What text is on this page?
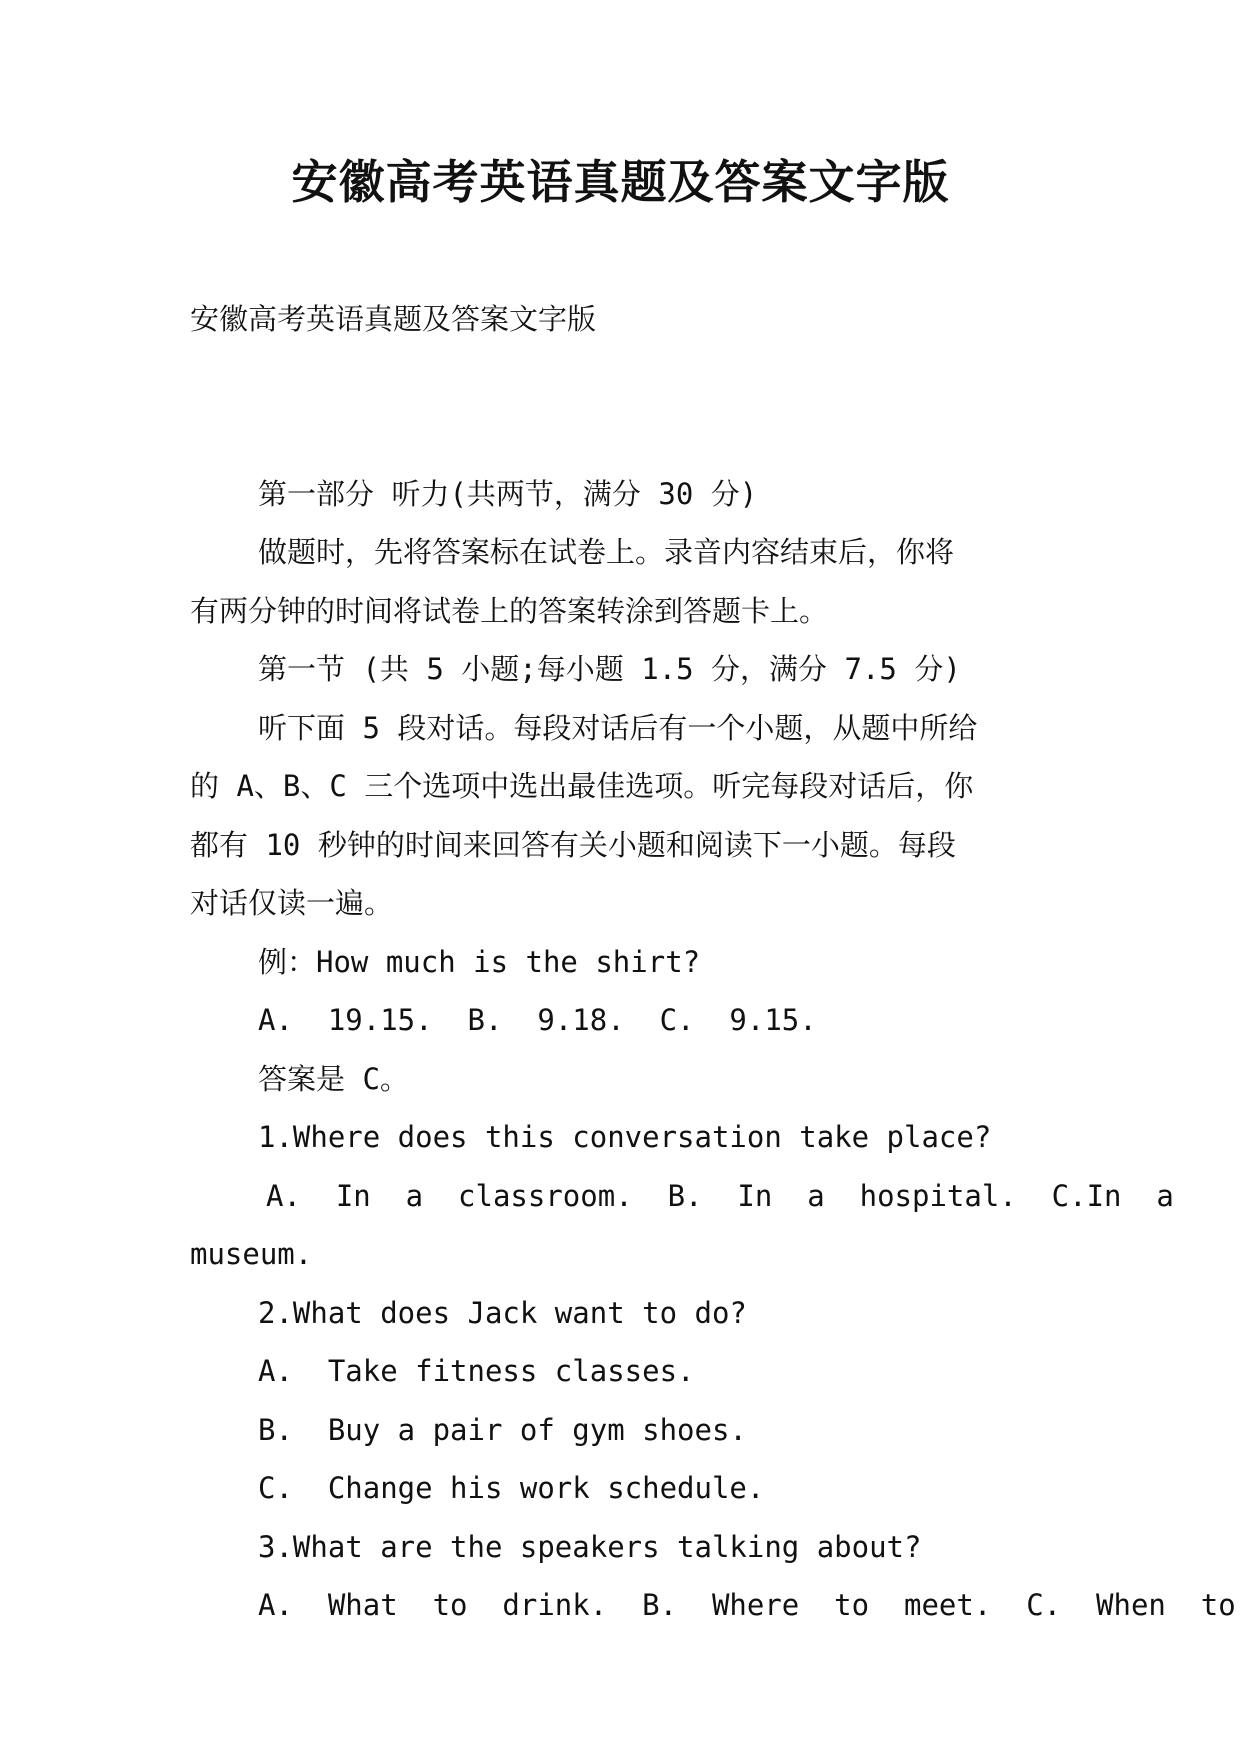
安徽高考英语真题及答案文字版
安徽高考英语真题及答案文字版
第一部分 听力(共两节，满分 30 分)
做题时，先将答案标在试卷上。录音内容结束后，你将
有两分钟的时间将试卷上的答案转涂到答题卡上。
第一节 (共 5 小题;每小题 1.5 分，满分 7.5 分)
听下面 5 段对话。每段对话后有一个小题，从题中所给
的 A、B、C 三个选项中选出最佳选项。听完每段对话后，你
都有 10 秒钟的时间来回答有关小题和阅读下一小题。每段
对话仅读一遍。
例：How much is the shirt?
A.  19.15.  B.  9.18.  C.  9.15.
答案是 C。
1.Where does this conversation take place?
A.  In  a  classroom.  B.  In  a  hospital.  C.In  a
museum.
2.What does Jack want to do?
A.  Take fitness classes.
B.  Buy a pair of gym shoes.
C.  Change his work schedule.
3.What are the speakers talking about?
A.  What  to  drink.  B.  Where  to  meet.  C.  When  to
